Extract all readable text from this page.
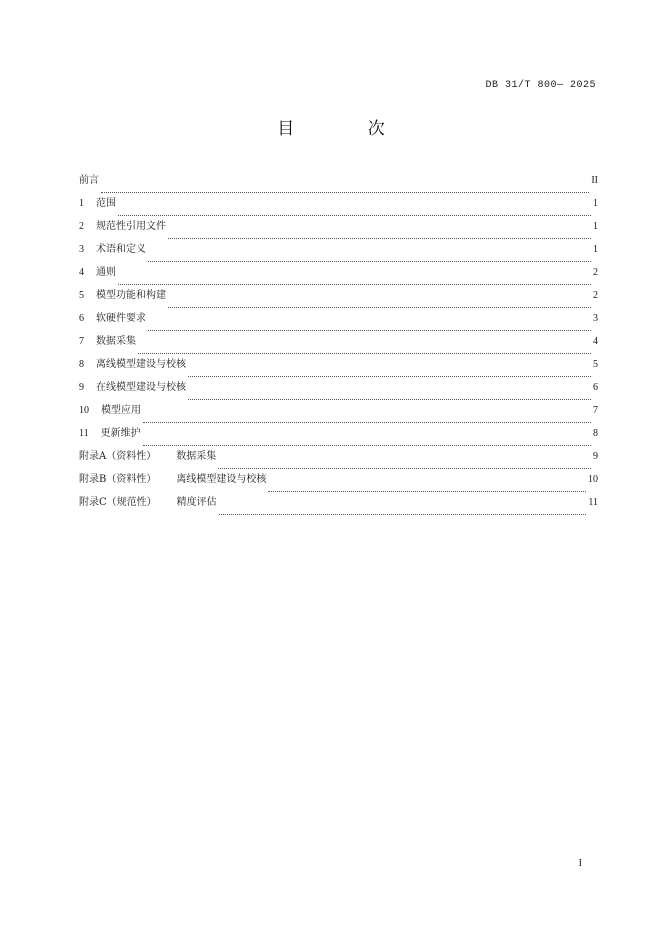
DB 31/T 800— 2025
目 次
前言	II
1 范围	1
2 规范性引用文件	1
3 术语和定义	1
4 通则	2
5 模型功能和构建	2
6 软硬件要求	3
7 数据采集	4
8 离线模型建设与校核	5
9 在线模型建设与校核	6
10 模型应用	7
11 更新维护	8
附录A（资料性） 数据采集	9
附录B（资料性） 离线模型建设与校核	10
附录C（规范性） 精度评估	11
I
